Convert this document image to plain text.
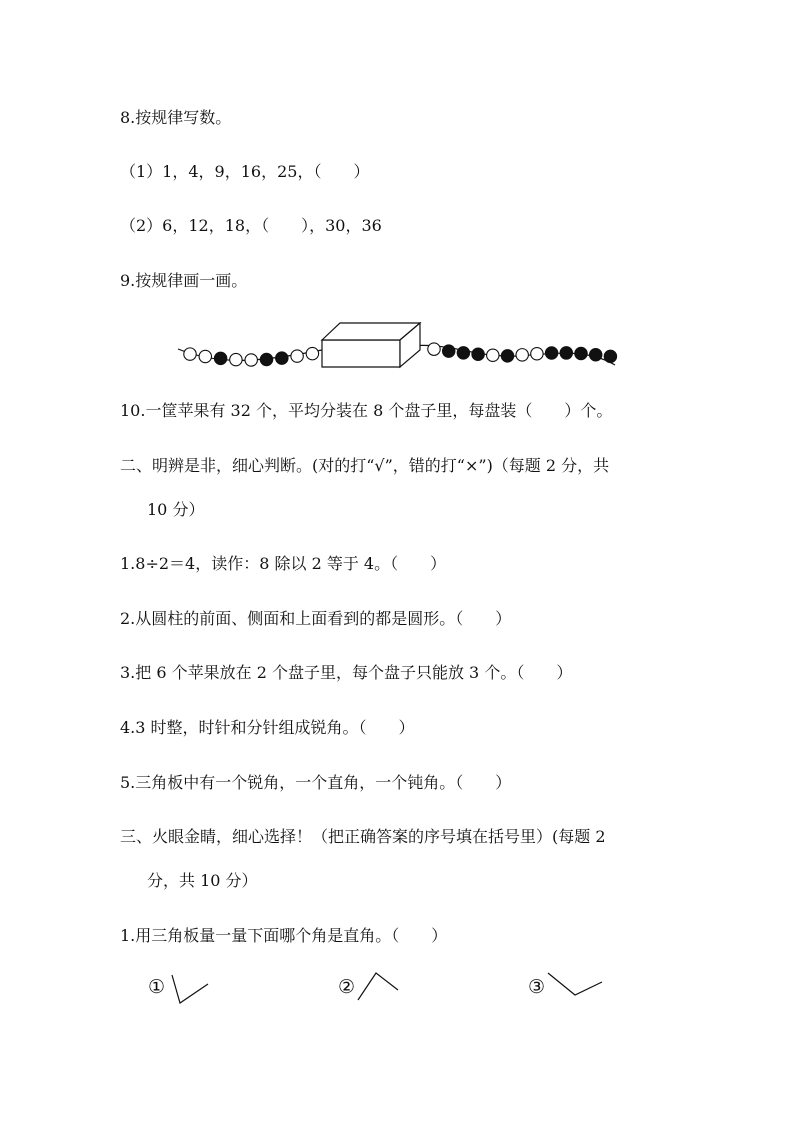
8.按规律写数。
（1）1，4，9，16，25，（　　）
（2）6，12，18，（　　），30，36
9.按规律画一画。
10.一筐苹果有 32 个，平均分装在 8 个盘子里，每盘装（　　）个。
二、明辨是非，细心判断。(对的打“√”，错的打“×”)（每题 2 分，共
10 分）
1.8÷2＝4，读作：8 除以 2 等于 4。（　　）
2.从圆柱的前面、侧面和上面看到的都是圆形。（　　）
3.把 6 个苹果放在 2 个盘子里，每个盘子只能放 3 个。（　　）
4.3 时整，时针和分针组成锐角。（　　）
5.三角板中有一个锐角，一个直角，一个钝角。（　　）
三、火眼金睛，细心选择！（把正确答案的序号填在括号里）(每题 2
分，共 10 分）
1.用三角板量一量下面哪个角是直角。（　　）
①	②	③
